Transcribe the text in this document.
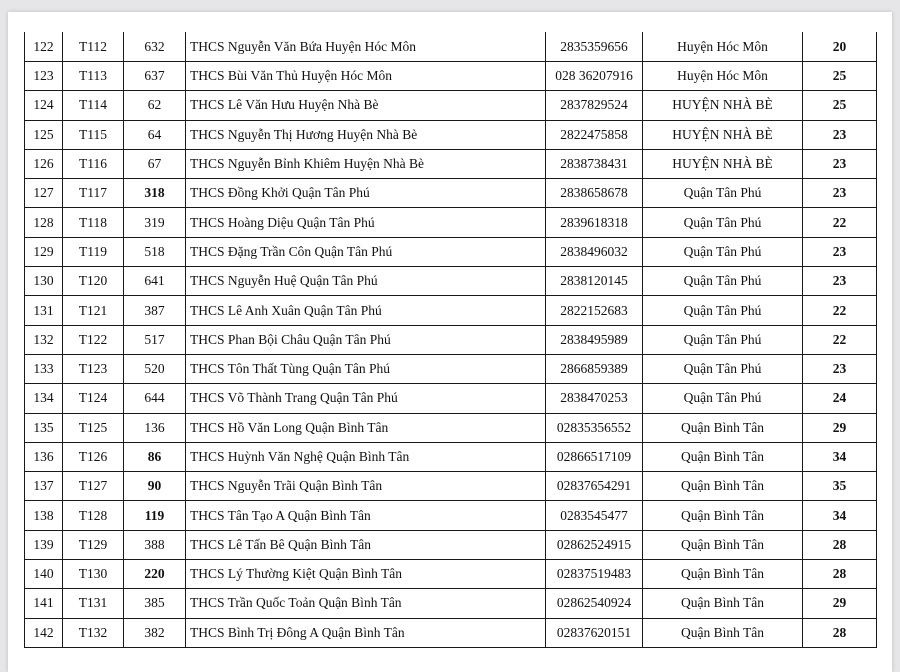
122	T112	632	THCS Nguyễn Văn Bứa Huyện Hóc Môn	2835359656	Huyện Hóc Môn	20
123	T113	637	THCS Bùi Văn Thủ Huyện Hóc Môn	028 36207916	Huyện Hóc Môn	25
124	T114	62	THCS Lê Văn Hưu Huyện Nhà Bè	2837829524	HUYỆN NHÀ BÈ	25
125	T115	64	THCS Nguyễn Thị Hương Huyện Nhà Bè	2822475858	HUYỆN NHÀ BÈ	23
126	T116	67	THCS Nguyễn Bỉnh Khiêm Huyện Nhà Bè	2838738431	HUYỆN NHÀ BÈ	23
127	T117	318	THCS Đồng Khởi Quận Tân Phú	2838658678	Quận Tân Phú	23
128	T118	319	THCS Hoàng Diệu Quận Tân Phú	2839618318	Quận Tân Phú	22
129	T119	518	THCS Đặng Trần Côn Quận Tân Phú	2838496032	Quận Tân Phú	23
130	T120	641	THCS Nguyễn Huệ Quận Tân Phú	2838120145	Quận Tân Phú	23
131	T121	387	THCS Lê Anh Xuân Quận Tân Phú	2822152683	Quận Tân Phú	22
132	T122	517	THCS Phan Bội Châu Quận Tân Phú	2838495989	Quận Tân Phú	22
133	T123	520	THCS Tôn Thất Tùng Quận Tân Phú	2866859389	Quận Tân Phú	23
134	T124	644	THCS Võ Thành Trang Quận Tân Phú	2838470253	Quận Tân Phú	24
135	T125	136	THCS Hồ Văn Long Quận Bình Tân	02835356552	Quận Bình Tân	29
136	T126	86	THCS Huỳnh Văn Nghệ Quận Bình Tân	02866517109	Quận Bình Tân	34
137	T127	90	THCS Nguyễn Trãi Quận Bình Tân	02837654291	Quận Bình Tân	35
138	T128	119	THCS Tân Tạo A Quận Bình Tân	0283545477	Quận Bình Tân	34
139	T129	388	THCS Lê Tấn Bê Quận Bình Tân	02862524915	Quận Bình Tân	28
140	T130	220	THCS Lý Thường Kiệt Quận Bình Tân	02837519483	Quận Bình Tân	28
141	T131	385	THCS Trần Quốc Toản Quận Bình Tân	02862540924	Quận Bình Tân	29
142	T132	382	THCS Bình Trị Đông A Quận Bình Tân	02837620151	Quận Bình Tân	28
